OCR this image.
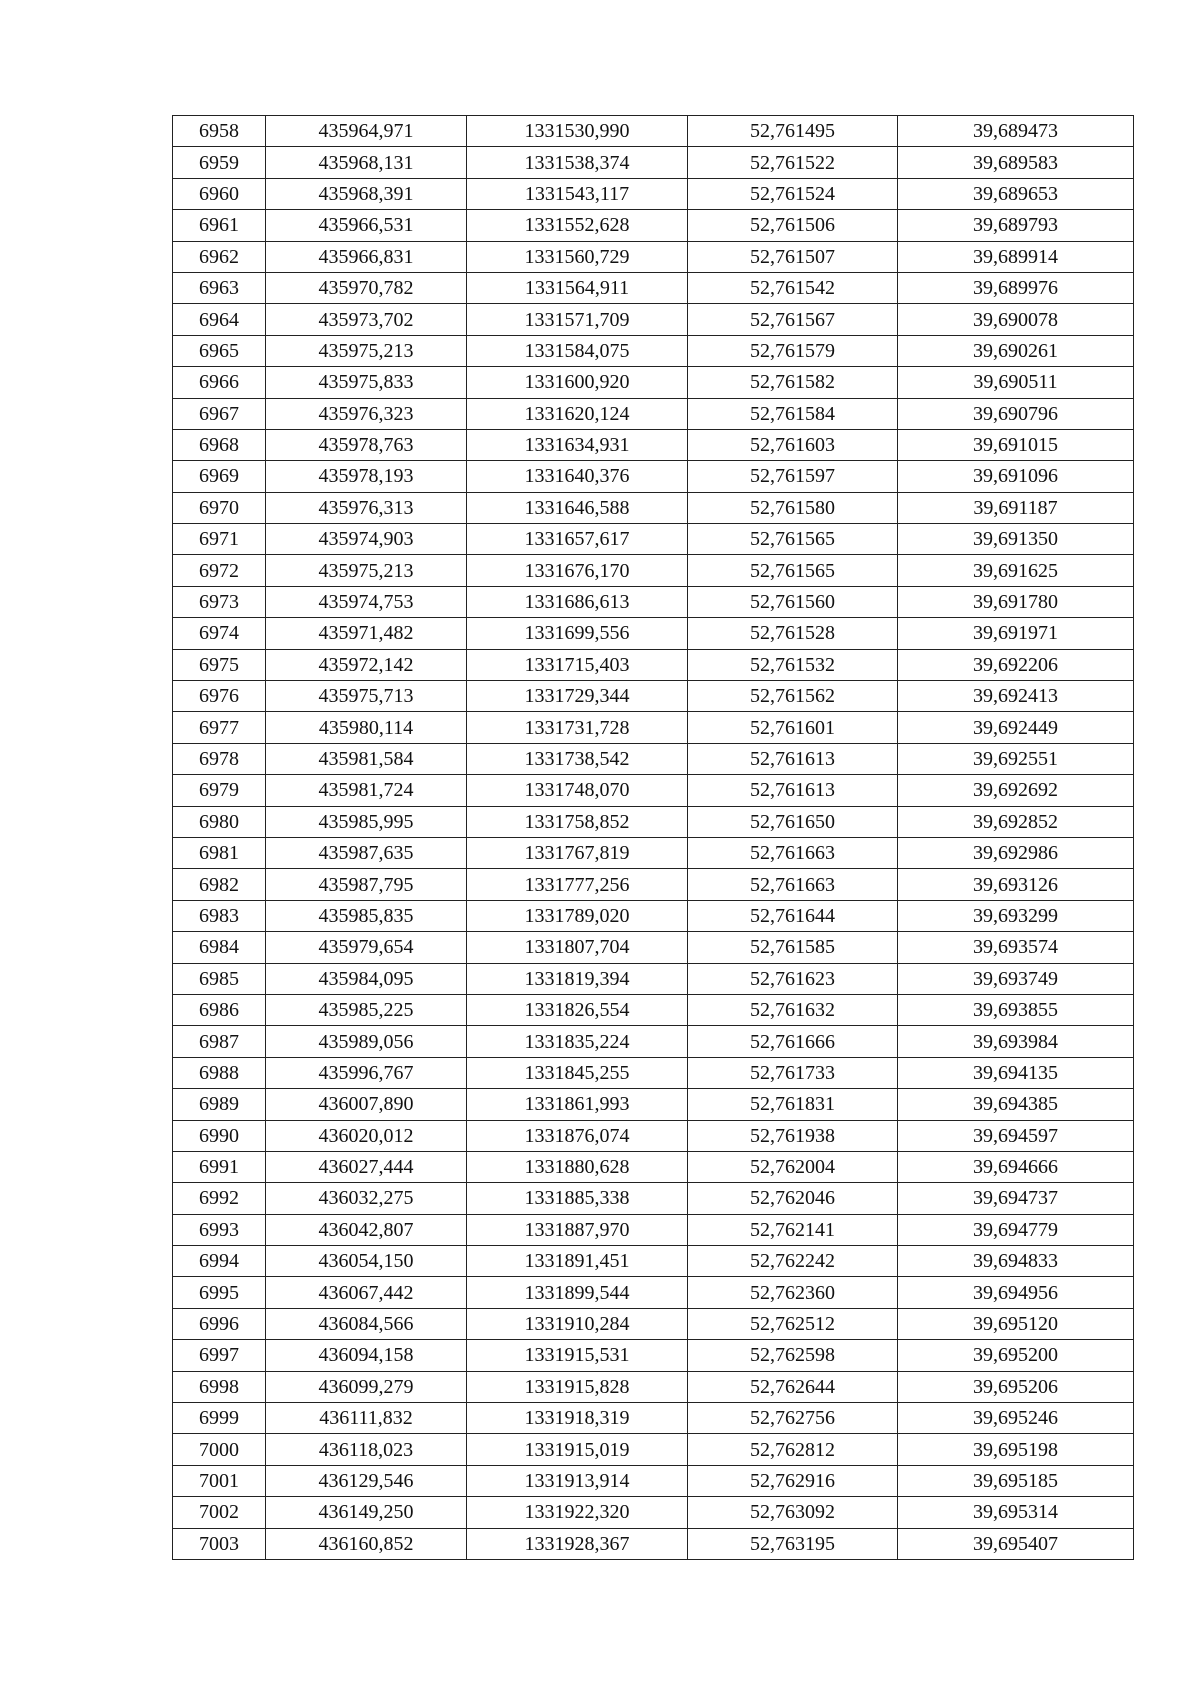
6958	435964,971	1331530,990	52,761495	39,689473
6959	435968,131	1331538,374	52,761522	39,689583
6960	435968,391	1331543,117	52,761524	39,689653
6961	435966,531	1331552,628	52,761506	39,689793
6962	435966,831	1331560,729	52,761507	39,689914
6963	435970,782	1331564,911	52,761542	39,689976
6964	435973,702	1331571,709	52,761567	39,690078
6965	435975,213	1331584,075	52,761579	39,690261
6966	435975,833	1331600,920	52,761582	39,690511
6967	435976,323	1331620,124	52,761584	39,690796
6968	435978,763	1331634,931	52,761603	39,691015
6969	435978,193	1331640,376	52,761597	39,691096
6970	435976,313	1331646,588	52,761580	39,691187
6971	435974,903	1331657,617	52,761565	39,691350
6972	435975,213	1331676,170	52,761565	39,691625
6973	435974,753	1331686,613	52,761560	39,691780
6974	435971,482	1331699,556	52,761528	39,691971
6975	435972,142	1331715,403	52,761532	39,692206
6976	435975,713	1331729,344	52,761562	39,692413
6977	435980,114	1331731,728	52,761601	39,692449
6978	435981,584	1331738,542	52,761613	39,692551
6979	435981,724	1331748,070	52,761613	39,692692
6980	435985,995	1331758,852	52,761650	39,692852
6981	435987,635	1331767,819	52,761663	39,692986
6982	435987,795	1331777,256	52,761663	39,693126
6983	435985,835	1331789,020	52,761644	39,693299
6984	435979,654	1331807,704	52,761585	39,693574
6985	435984,095	1331819,394	52,761623	39,693749
6986	435985,225	1331826,554	52,761632	39,693855
6987	435989,056	1331835,224	52,761666	39,693984
6988	435996,767	1331845,255	52,761733	39,694135
6989	436007,890	1331861,993	52,761831	39,694385
6990	436020,012	1331876,074	52,761938	39,694597
6991	436027,444	1331880,628	52,762004	39,694666
6992	436032,275	1331885,338	52,762046	39,694737
6993	436042,807	1331887,970	52,762141	39,694779
6994	436054,150	1331891,451	52,762242	39,694833
6995	436067,442	1331899,544	52,762360	39,694956
6996	436084,566	1331910,284	52,762512	39,695120
6997	436094,158	1331915,531	52,762598	39,695200
6998	436099,279	1331915,828	52,762644	39,695206
6999	436111,832	1331918,319	52,762756	39,695246
7000	436118,023	1331915,019	52,762812	39,695198
7001	436129,546	1331913,914	52,762916	39,695185
7002	436149,250	1331922,320	52,763092	39,695314
7003	436160,852	1331928,367	52,763195	39,695407
